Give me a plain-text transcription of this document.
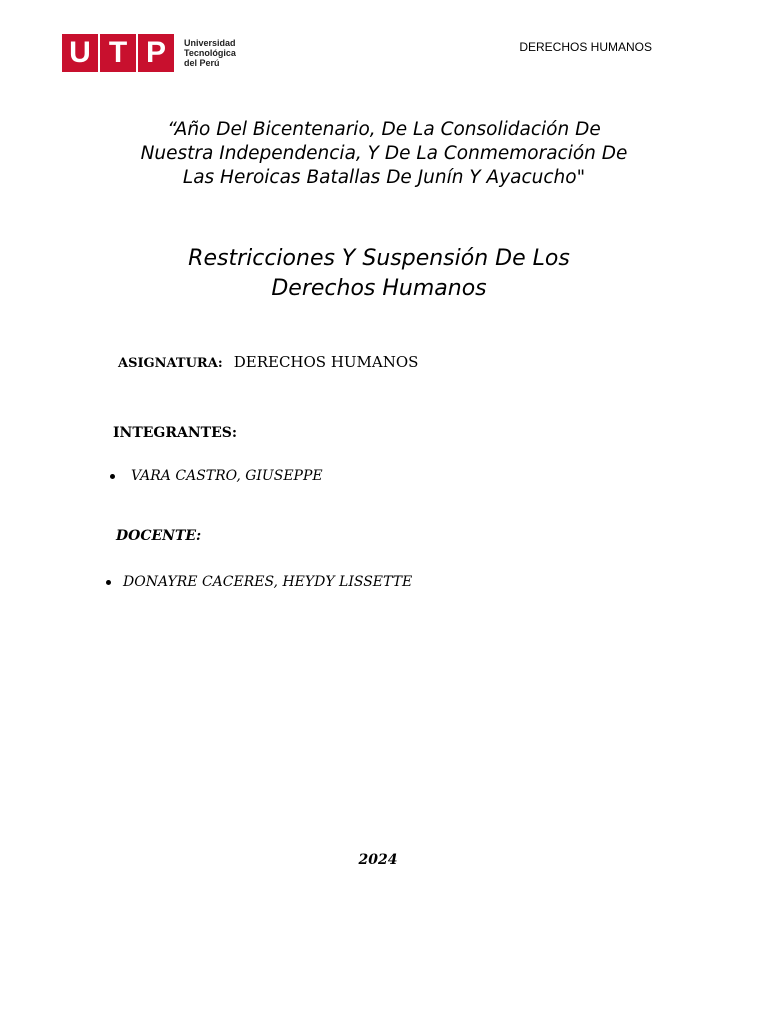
U T P	Universidad
Tecnológica
del Perú
DERECHOS HUMANOS
“Año Del Bicentenario, De La Consolidación De
Nuestra Independencia, Y De La Conmemoración De
Las Heroicas Batallas De Junín Y Ayacucho"
Restricciones Y Suspensión De Los
Derechos Humanos
ASIGNATURA: DERECHOS HUMANOS
INTEGRANTES:
VARA CASTRO, GIUSEPPE
DOCENTE:
DONAYRE CACERES, HEYDY LISSETTE
2024
